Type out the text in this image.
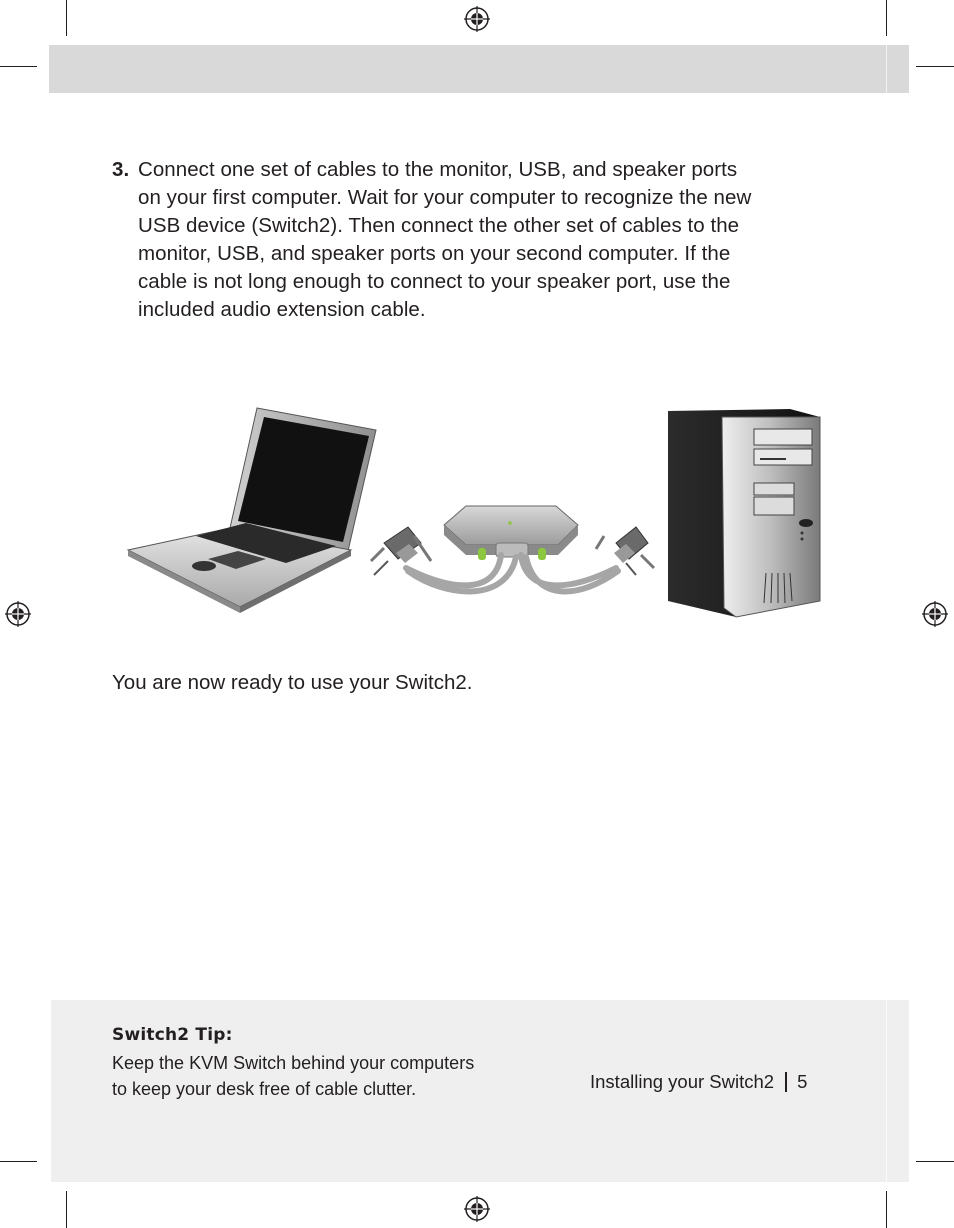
3. Connect one set of cables to the monitor, USB, and speaker ports
on your first computer. Wait for your computer to recognize the new
USB device (Switch2). Then connect the other set of cables to the
monitor, USB, and speaker ports on your second computer. If the
cable is not long enough to connect to your speaker port, use the
included audio extension cable.
You are now ready to use your Switch2.
Switch2 Tip:
Keep the KVM Switch behind your computers
to keep your desk free of cable clutter.	Installing your Switch2 5
